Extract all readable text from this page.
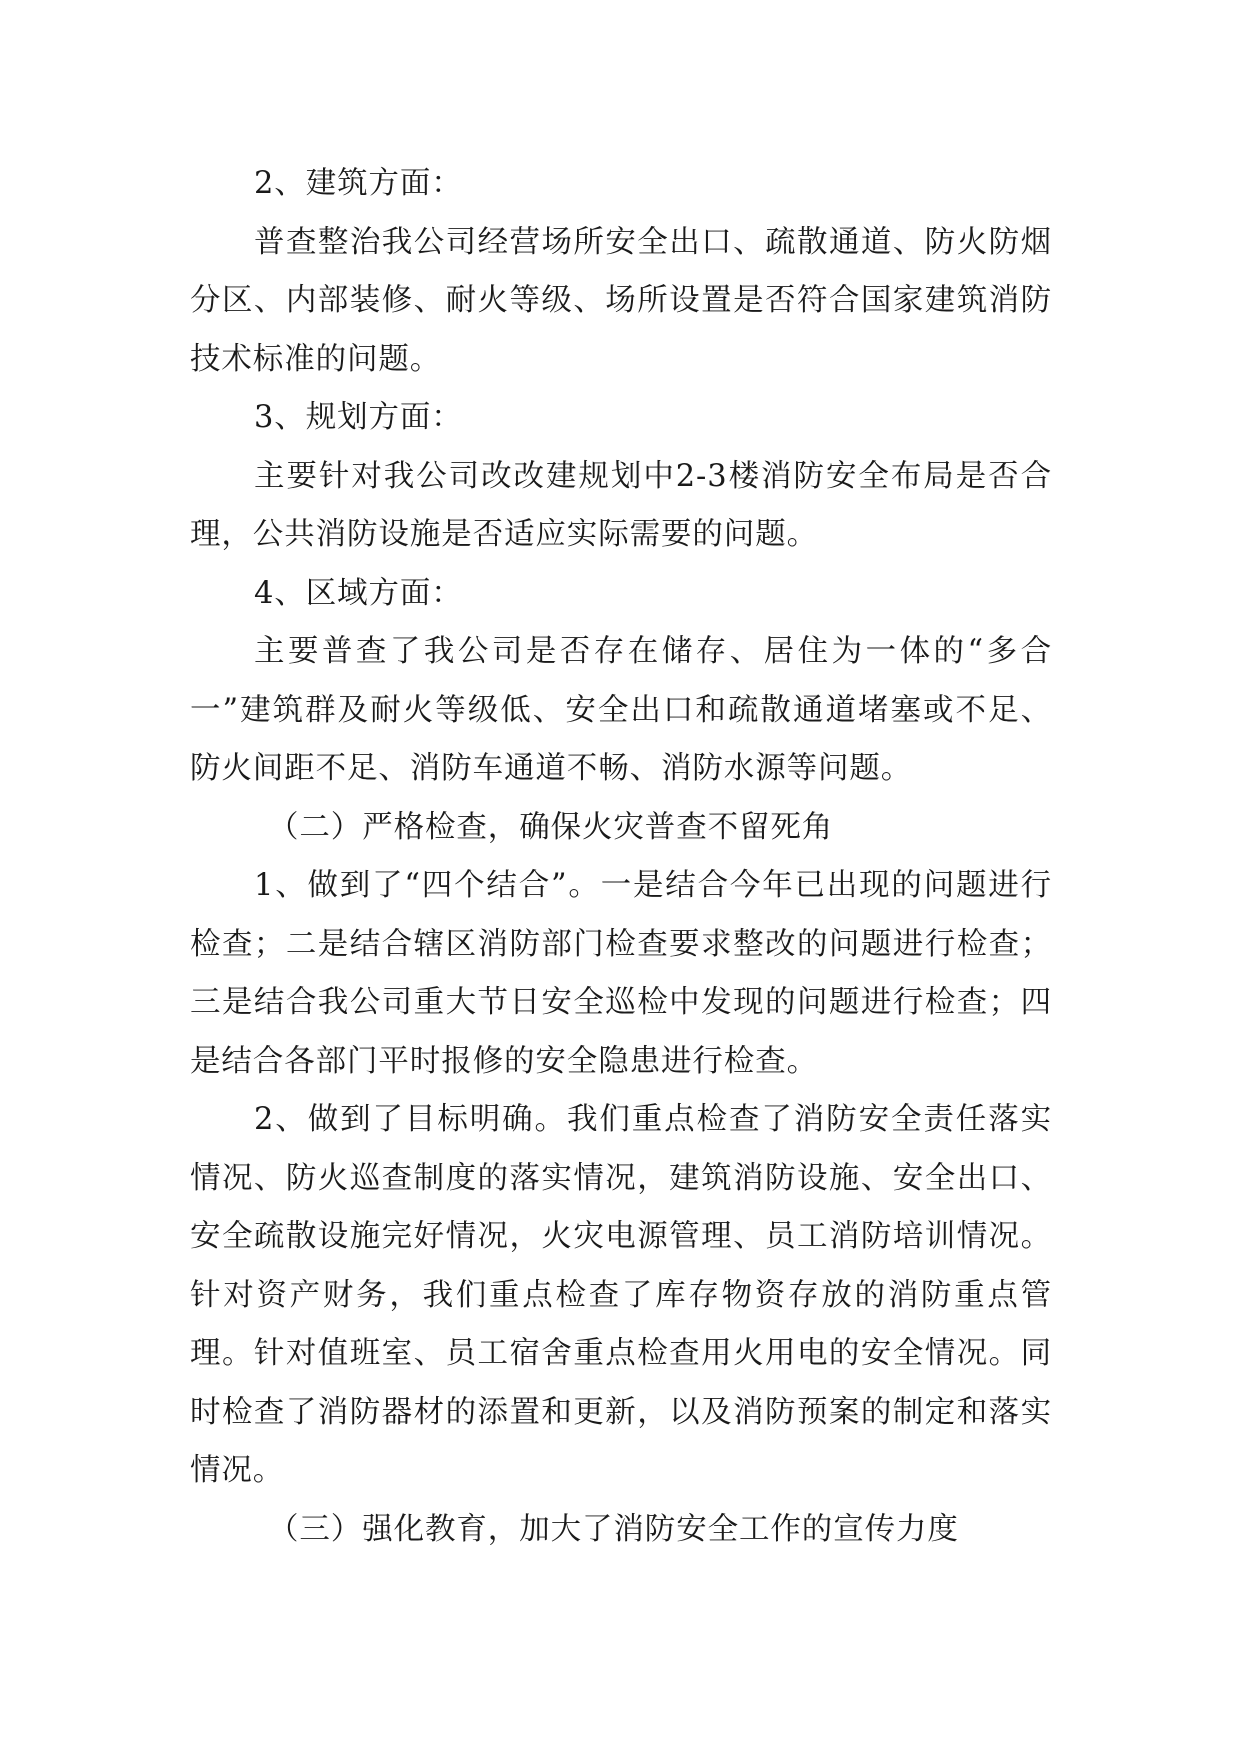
2、建筑方面：

普查整治我公司经营场所安全出口、疏散通道、防火防烟分区、内部装修、耐火等级、场所设置是否符合国家建筑消防技术标准的问题。

3、规划方面：

主要针对我公司改改建规划中2-3楼消防安全布局是否合理，公共消防设施是否适应实际需要的问题。

4、区域方面：

主要普查了我公司是否存在储存、居住为一体的“多合一”建筑群及耐火等级低、安全出口和疏散通道堵塞或不足、防火间距不足、消防车通道不畅、消防水源等问题。

（二）严格检查，确保火灾普查不留死角

1、做到了“四个结合”。一是结合今年已出现的问题进行检查；二是结合辖区消防部门检查要求整改的问题进行检查；三是结合我公司重大节日安全巡检中发现的问题进行检查；四是结合各部门平时报修的安全隐患进行检查。

2、做到了目标明确。我们重点检查了消防安全责任落实情况、防火巡查制度的落实情况，建筑消防设施、安全出口、安全疏散设施完好情况，火灾电源管理、员工消防培训情况。针对资产财务，我们重点检查了库存物资存放的消防重点管理。针对值班室、员工宿舍重点检查用火用电的安全情况。同时检查了消防器材的添置和更新，以及消防预案的制定和落实情况。

（三）强化教育，加大了消防安全工作的宣传力度
